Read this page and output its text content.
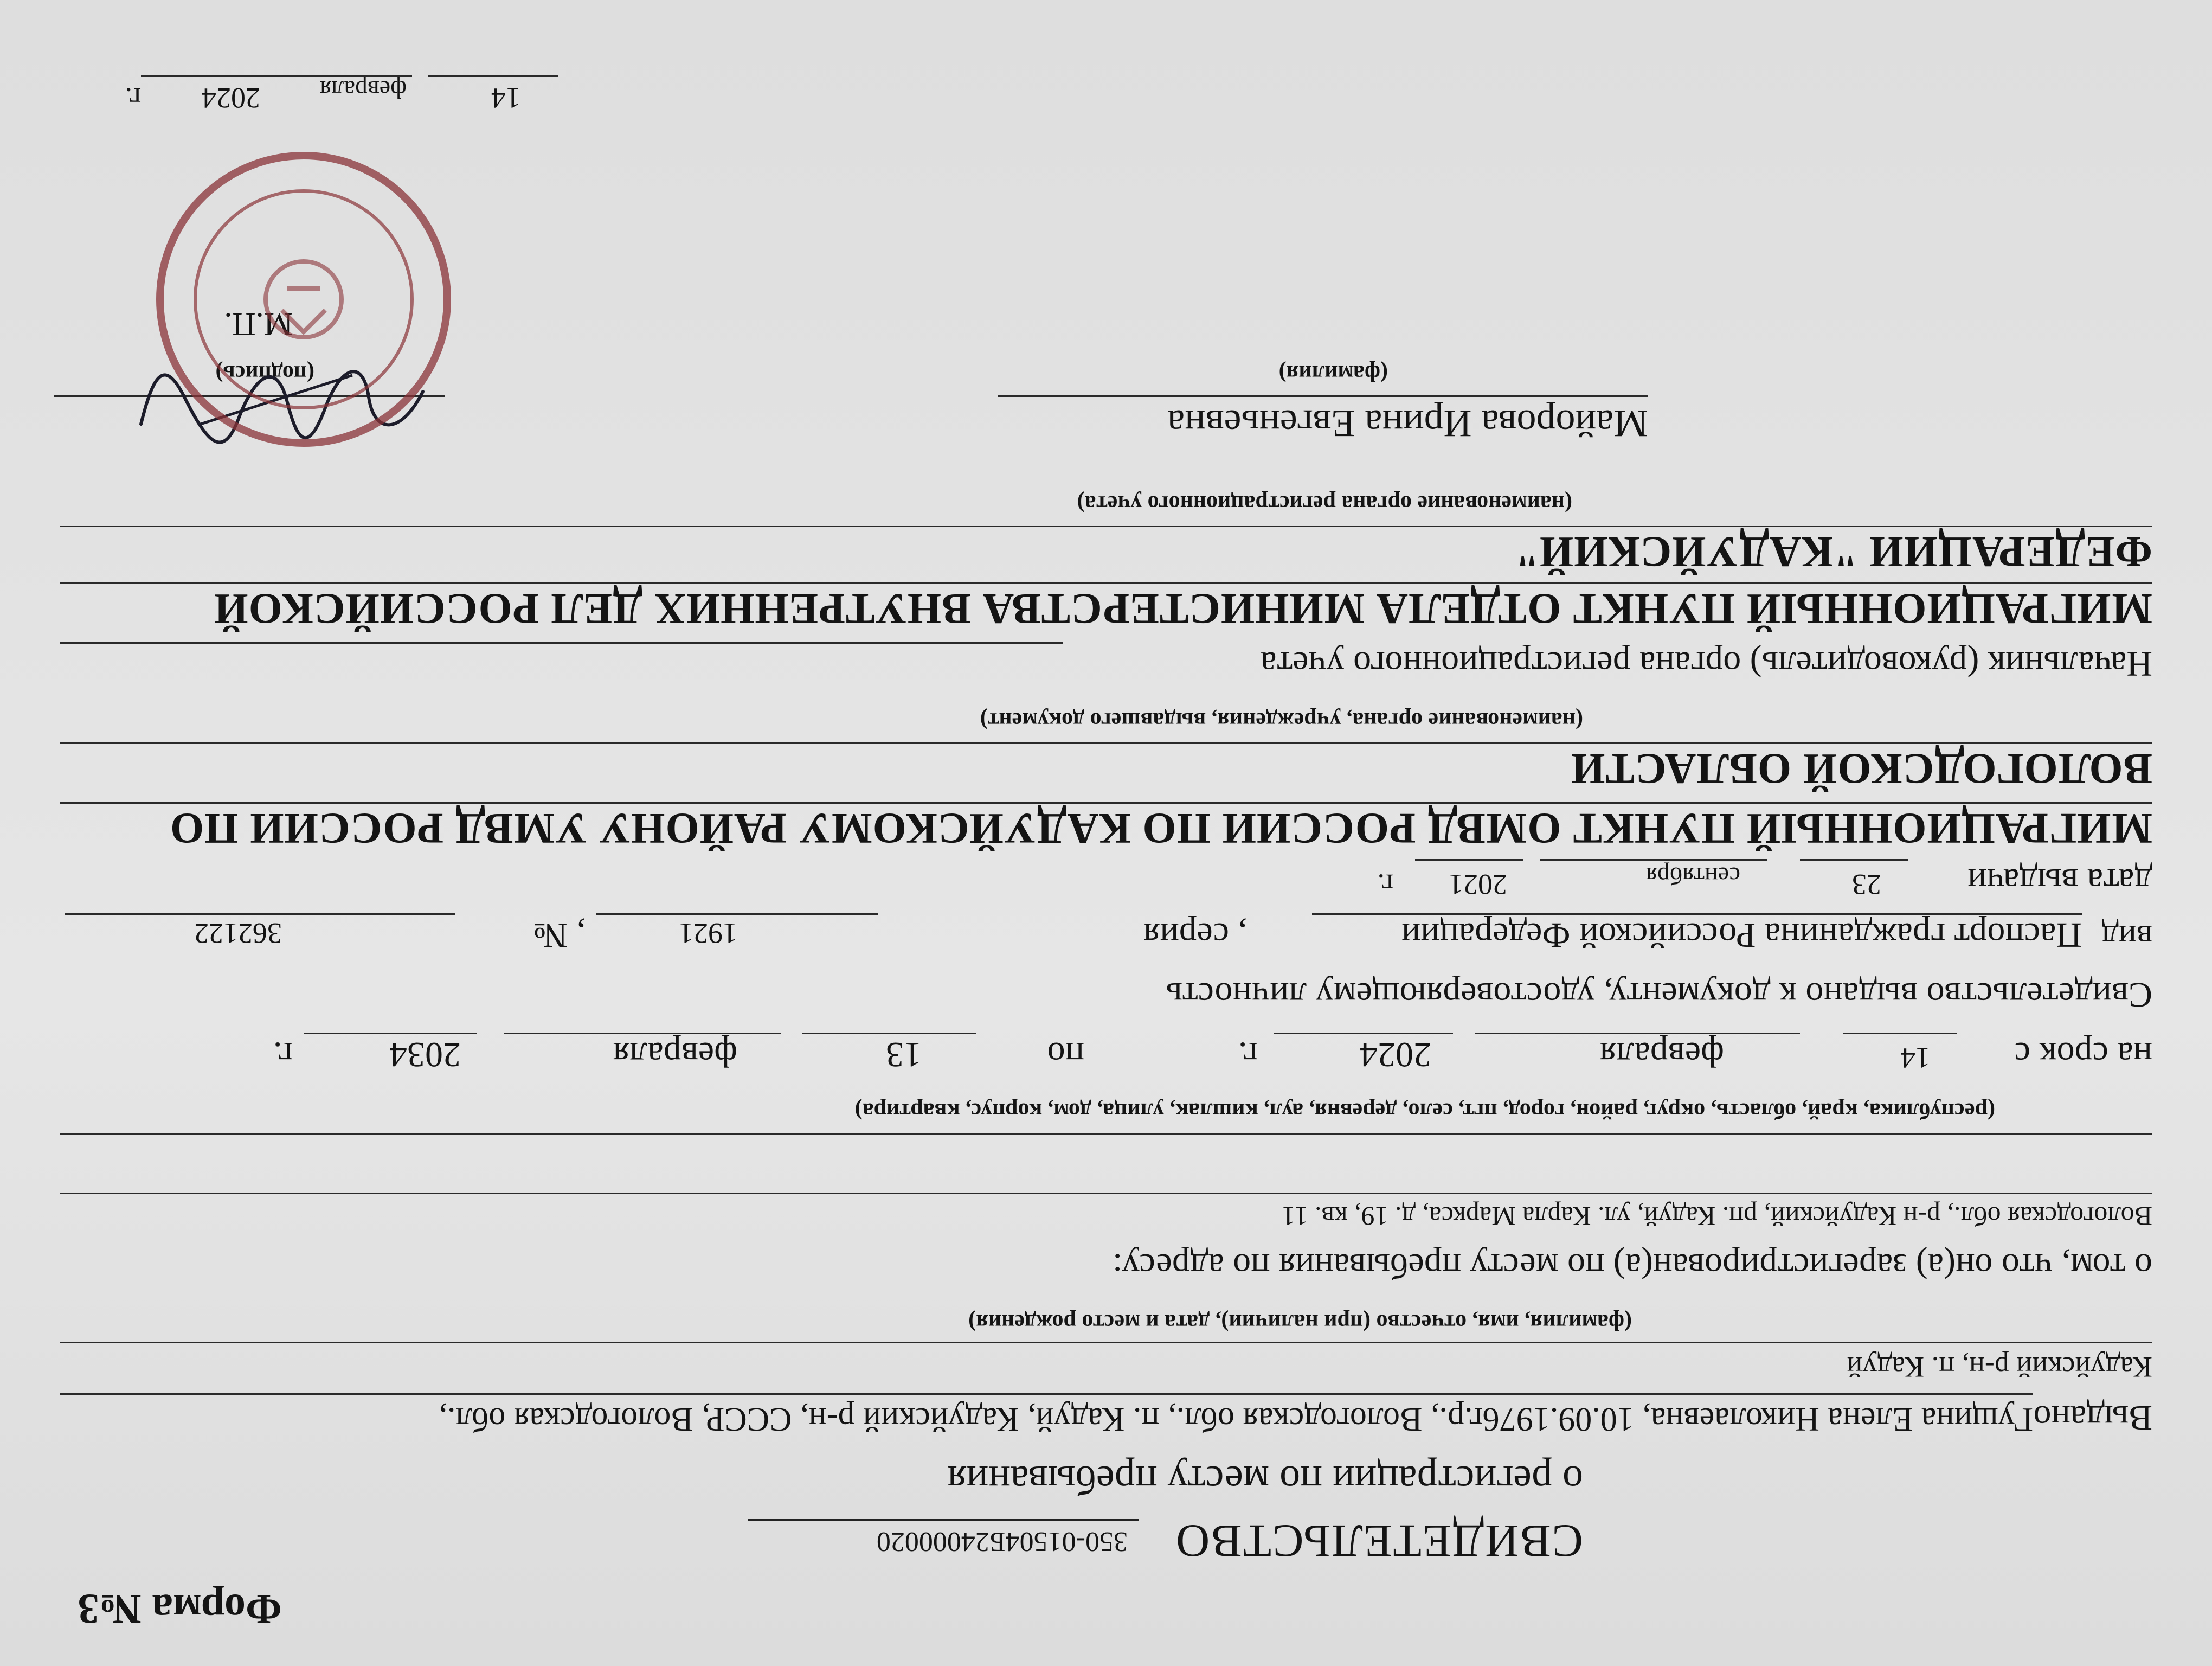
Форма №3
СВИДЕТЕЛЬСТВО
350-01504Б24000020
о регистрации по месту пребывания
Выдано
Гущина Елена Николаевна, 10.09.1976г.р., Вологодская обл., п. Кадуй, Кадуйский р-н, ССCР, Вологодская обл.,
Кадуйский р-н, п. Кадуй
(фамилия, имя, отчество (при наличии), дата и место рождения)
о том, что он(а) зарегистрирован(а) по месту пребывания по адресу:
Вологодская обл., р-н Кадуйский, рп. Кадуй, ул. Карла Маркса, д. 19, кв. 11
(республика, край, область, округ, район, город, пгт, село, деревня, аул, кишлак, улица, дом, корпус, квартира)
на срок с
14
февраля
2024
г.
по
13
февраля
2034
г.
Свидетельство выдано к документу, удостоверяющему личность
вид
Паспорт гражданина Российской Федерации
, серия
1921
, №
362122
дата выдачи
23
сентября
2021
г.
МИГРАЦИОННЫЙ ПУНКТ ОМВД РОССИИ ПО КАДУЙСКОМУ РАЙОНУ УМВД РОССИИ ПО
ВОЛОГОДСКОЙ ОБЛАСТИ
(наименование органа, учреждения, выдавшего документ)
Начальник (руководитель) органа регистрационного учета
МИГРАЦИОННЫЙ ПУНКТ ОТДЕЛА МИНИСТЕРСТВА ВНУТРЕННИХ ДЕЛ РОССИЙСКОЙ
ФЕДЕРАЦИИ "КАДУЙСКИЙ"
(наименование органа регистрационного учета)
Майорова Ирина Евгеньевна
(фамилия)
(подпись)
М.П.
14
февраля
2024
г.
